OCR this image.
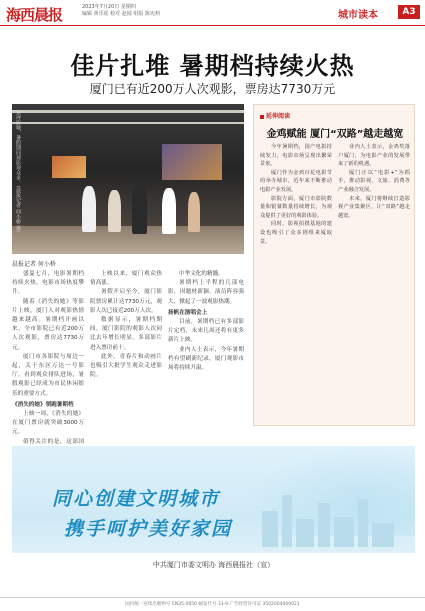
海西晨报	2023年7月20日 星期四
编辑 黄乐瑶 校对 赵圆 组版 陈宪莉	城市读本	A3
佳片扎堆 暑期档持续火热
厦门已有近200万人次观影，票房达7730万元
东坪影城，暑假期间观影观众多。（晨报记者 何小桥 摄）
晨报记者 何小桥

盛夏七月，电影暑期档持续火热，电影市场热度攀升。

随着《消失的她》等影片上映，厦门人对观影热情越来越高。暑期档开画以来，全市影院已有近200万人次观影，票房达7730万元。

厦门市各影院与周边一起，关于东区万达一号影厅，看到观众排队进场，暑假观影已经成为市民休闲娱乐的重要方式。

《消失的她》领跑暑期档

上映一周，《消失的她》在厦门票房就突破3000万元。

值得关注的是，这部国

上映以来，厦门观众热情高涨。

暑假开启至今，厦门影院票房累计达7730万元，观影人次已接近200万人次。

数据显示，暑期档期间，厦门影院的观影人次同比去年增长明显，多部影片进入票房前十。

此外，青春片和动画片也吸引大批学生观众走进影院。

中华文化的精髓。

暑期档上半程的几部电影，因题材新颖、演员阵容强大，掀起了一波观影热潮。

扬帆在演唱会上

目前，暑期档已有多部影片定档，未来几周还将有更多新片上映。

业内人士表示，今年暑期档有望刷新纪录，厦门观影市场将持续升温。

延伸阅读
金鸡赋能 厦门“双路”越走越宽

今年暑期档，国产电影持续发力，电影市场呈现出繁荣景象。

厦门作为金鸡百花电影节的举办城市，近年来不断推动电影产业发展。

影院方面，厦门市影院数量和银幕数量持续增长，为观众提供了更好的观影体验。

同时，影视拍摄基地的建设也吸引了众多剧组来厦取景。

业内人士表示，金鸡奖落户厦门，为电影产业的发展带来了新的机遇。

厦门正以“电影+”为抓手，推动影视、文旅、消费等产业融合发展。

未来，厦门将继续打造影视产业集聚区，让“双路”越走越宽。

同心创建文明城市
携手呵护美好家园
中共厦门市委文明办 海西晨报社（宣）
国内统一连续出版物号 CN35-0050 邮发代号 33-9 广告经营许可证 3502004000021
